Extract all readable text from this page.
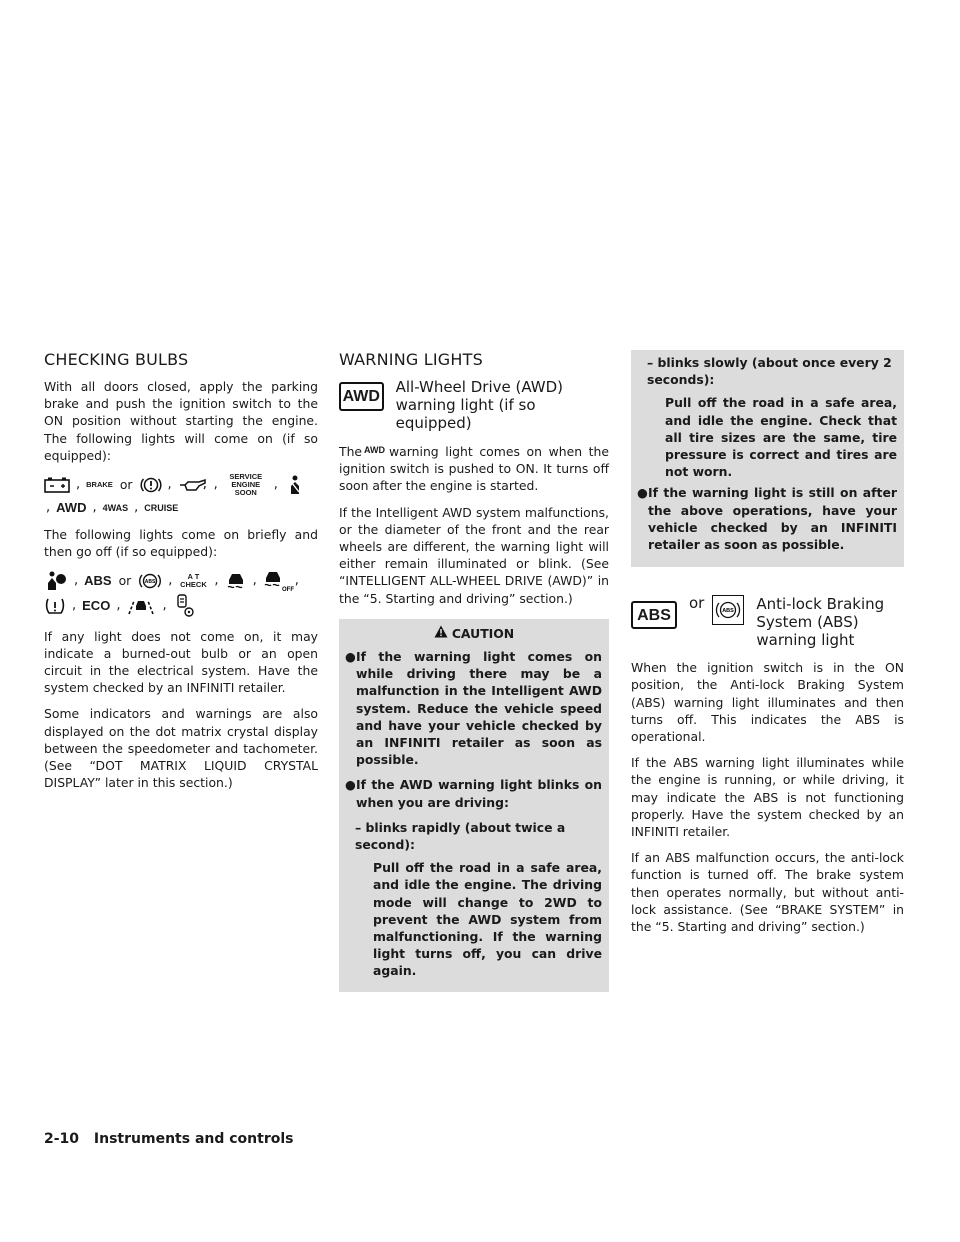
CHECKING BULBS

With all doors closed, apply the parking brake and push the ignition switch to the ON position without starting the engine. The following lights will come on (if so equipped):

, BRAKE or	,	,
SERVICE ENGINE SOON
,
, AWD , 4WAS , CRUISE

The following lights come on briefly and then go off (if so equipped):

, ABS or	ABS ,	A T CHECK ,	,
OFF
,
, ECO ,	,

If any light does not come on, it may indicate a burned-out bulb or an open circuit in the electrical system. Have the system checked by an INFINITI retailer.

Some indicators and warnings are also displayed on the dot matrix crystal display between the speedometer and tachometer. (See “DOT MATRIX LIQUID CRYSTAL DISPLAY” later in this section.)

WARNING LIGHTS
AWD
All-Wheel Drive (AWD)
warning light (if so equipped)

The $^{AWD}$ warning light comes on when the ignition switch is pushed to ON. It turns off soon after the engine is started.

If the Intelligent AWD system malfunctions, or the diameter of the front and the rear wheels are different, the warning light will either remain illuminated or blink. (See “INTELLIGENT ALL-WHEEL DRIVE (AWD)” in the “5. Starting and driving” section.)

CAUTION
● If the warning light comes on while driving there may be a malfunction in the Intelligent AWD system. Reduce the vehicle speed and have your vehicle checked by an INFINITI retailer as soon as possible.
● If the AWD warning light blinks on when you are driving:
– blinks rapidly (about twice a second):
Pull off the road in a safe area, and idle the engine. The driving mode will change to 2WD to prevent the AWD system from malfunctioning. If the warning light turns off, you can drive again.
– blinks slowly (about once every 2 seconds):
Pull off the road in a safe area, and idle the engine. Check that all tire sizes are the same, tire pressure is correct and tires are not worn.
● If the warning light is still on after the above operations, have your vehicle checked by an INFINITI retailer as soon as possible.
ABS
or	ABS Anti-lock Braking
System (ABS)
warning light

When the ignition switch is in the ON position, the Anti-lock Braking System (ABS) warning light illuminates and then turns off. This indicates the ABS is operational.

If the ABS warning light illuminates while the engine is running, or while driving, it may indicate the ABS is not functioning properly. Have the system checked by an INFINITI retailer.

If an ABS malfunction occurs, the anti-lock function is turned off. The brake system then operates normally, but without anti-lock assistance. (See “BRAKE SYSTEM” in the “5. Starting and driving” section.)

2-10 Instruments and controls
